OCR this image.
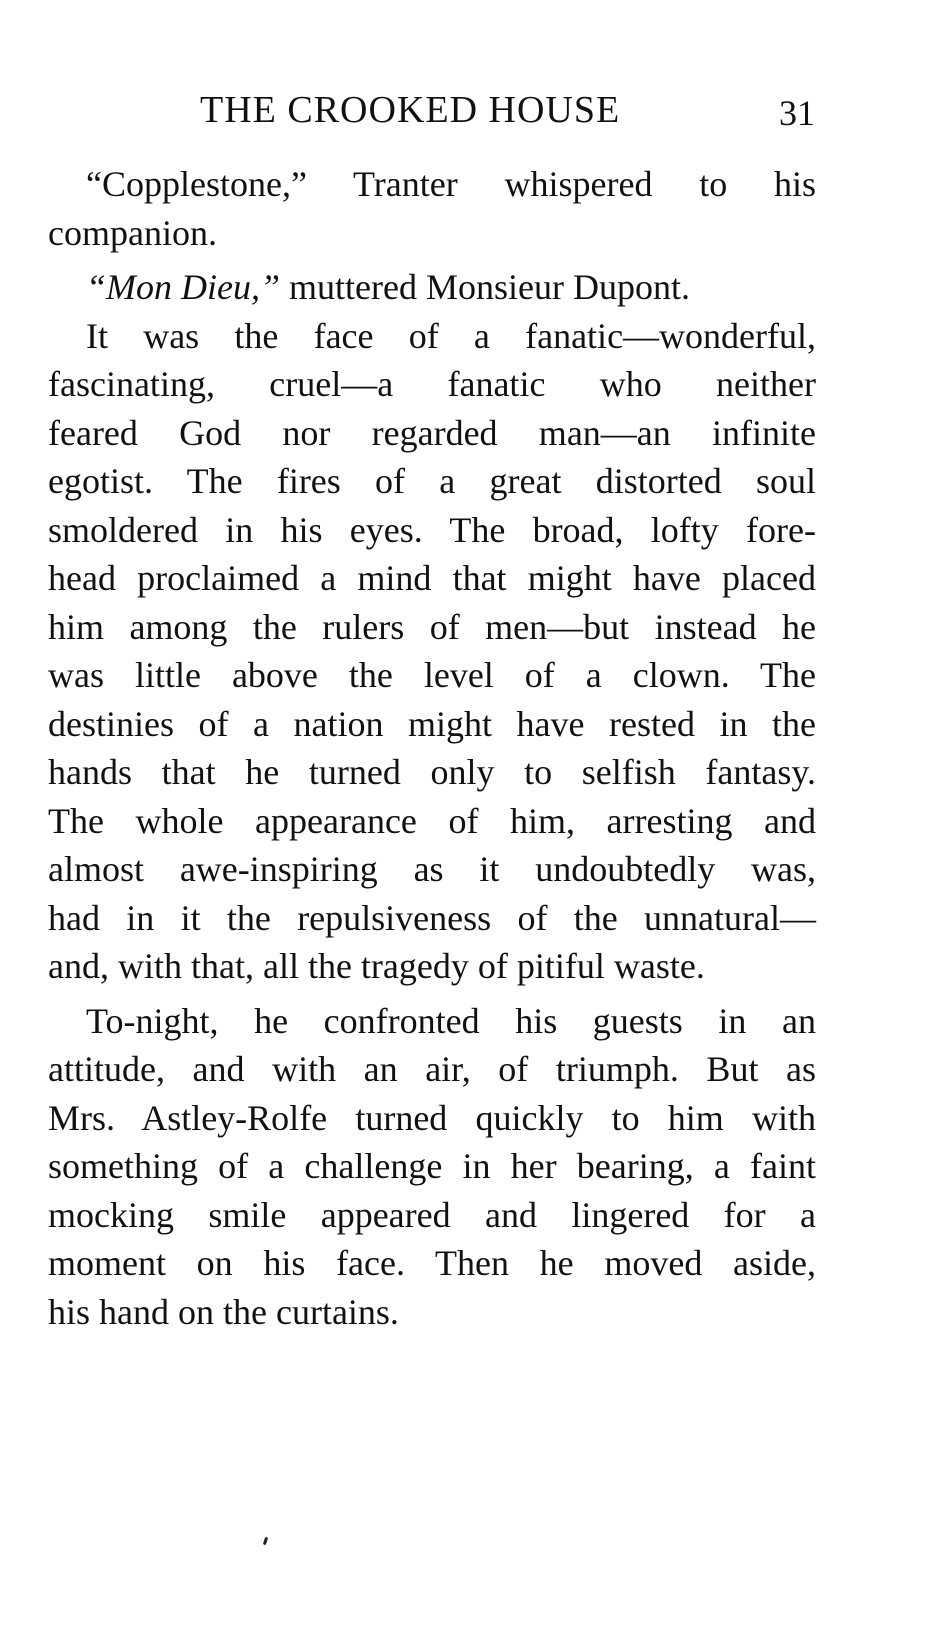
THE CROOKED HOUSE	31
“Copplestone,” Tranter whispered to his
companion.
“Mon Dieu,” muttered Monsieur Dupont.
It was the face of a fanatic—wonderful,
fascinating, cruel—a fanatic who neither
feared God nor regarded man—an infinite
egotist. The fires of a great distorted soul
smoldered in his eyes. The broad, lofty fore-
head proclaimed a mind that might have placed
him among the rulers of men—but instead he
was little above the level of a clown. The
destinies of a nation might have rested in the
hands that he turned only to selfish fantasy.
The whole appearance of him, arresting and
almost awe-inspiring as it undoubtedly was,
had in it the repulsiveness of the unnatural—
and, with that, all the tragedy of pitiful waste.
To-night, he confronted his guests in an
attitude, and with an air, of triumph. But as
Mrs. Astley-Rolfe turned quickly to him with
something of a challenge in her bearing, a faint
mocking smile appeared and lingered for a
moment on his face. Then he moved aside,
his hand on the curtains.
